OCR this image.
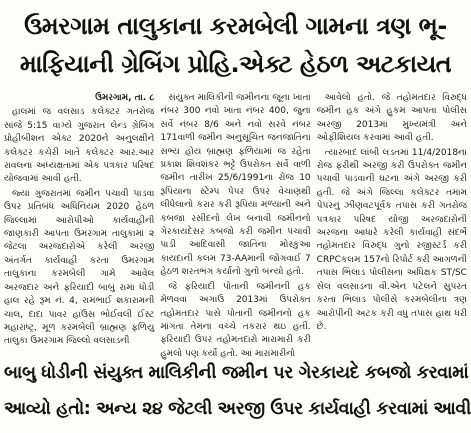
ઉમરગામ તાલુકાના કરમબેલી ગામના ત્રણ ભૂ-
માફિયાની ગ્રેબિંગ પ્રોહિ.એક્ટ હેઠળ અટકાયત
ઉમરગામ, તા. ૮

હાલમાં જ વલસાડ કલેક્ટર ગતરોજ સાંજે 5:15 વાગ્યે ગુજરાત લેન્ડ ગ્રેબિંગ પ્રોહીબીશન એક્ટ 2020ને અનુલક્ષીને કલેક્ટર કચેરી ખાતે કલેક્ટર આર.આર રાવલના અધ્યક્ષતામાં એક પત્રકાર પરિષદ યોજવામાં આવી હતી.

જ્યાં ગુજરાતમાં જમીન પચાવી પાડવા ઉપર પ્રતિબંધ અધિનિયમ 2020 હેઠળ જિલ્લામાં આરોપીઓ કાર્યવાહીની જાણકારી આપતા ઉમરગામ તાલુકામાં ૨ જેટલા અરજદારોએ કરેલી અરજી અંતર્ગત કાર્યવાહી કરતા ઉમરગામ તાલુકાના કરમબેલી ગામે આવેલ અરજદાર અને ફરિયાદી બાબુ રામા ધોડી હાલ રહે રૂમ નં. 4, રામભાઈ શકારામની ચાલ, દાદા પાવર હાઉસ ભોઈવલી ઈસ્ટ મહારાષ્ટ્ર, મૂળ કરમબેલી બ્રાહ્મણ ફળિયુ તાલુકા ઉમરગામ જિલ્લો વલસાડની

સંયુક્ત માલિકીની જમીનના જૂના ખાતા નંબર 300 નવો ખાતા નંબર 400, જુના સર્વે નંબર 8/6 અને નવો સરવે નંબર 171વાળી જમીન અનુસૂચિત જનજાતિના સભ્ય હોય બ્રાહ્મણ ફળિયામાં જ રહેતા પ્રકાશ શિવશંકર ભટ્ટે ઉપરોક્ત સર્વે વાળી જમીન તારીખ 25/6/1991ના રોજ 10 રૂપિયાના સ્ટેમ્પ પેપર ઉપર વેચાણથી લીધેલાનો કરાર કરી રૂપિયા મળ્યાની અને કબજા રસીદનો લેખ બનાવી જમીનનો ગેરકાયદેસર કબજો કરી જમીન પચાવી પાડી આદિવાસી જાતિના મોસ્કુઆ કાયદાની કલમ 73-AAમાની જોગવાઈ 7 હેઠળ શરતભંગ કર્યાનો ગુનો બન્યો હતો.

જે ફરિયાદી પોતાની જમીનની હક મેળવવા અગાઉ 2013માં ઉપરોક્ત તહોમતદાર પાસે પોતાની જમીનનો હક માંગતા તેમના વચ્ચે તકરાર થઇ હતી. ફરિયાદી ઉપર તહોમતદારો મારામારી કરી હુમલો પણ કર્યો હતો. આ મારામારીનો

આવેલો હતો. જે તહોમતદાર વિરુદ્ધ જમીન હક અંગે હુકમ આપતા પોલીસ અરજી 2013માં મુખ્યમંત્રી અને ઓફીશિયલ કરવામાં આવી હતી.

ત્યારબાદ લાંબી લડતમાં 11/4/2018ના રોજ ફરીથી અરજી કરી ઉપરોક્ત જમીન પચાવી પાડવાની ઘટના અંગે અરજી કરી હતી. જે અંગે જિલ્લા કલેક્ટર તમામ પેપરનું ઝીણવટપૂર્વક તપાસ કરી ગતરોજ પત્રકાર પરિષદ યોજી અરજદારોની અરજના આધારે કરેલી કાર્યવાહી સંદર્ભે તહોમતદાર વિરુદ્ધ ગુનો રજીસ્ટર્ડ કરી CRPCકલમ 157નો રિપોર્ટ કરી આગળની તપાસ ભિલાડ પોલીસના અધિક્ષક ST/SC સેલ વલસાડના વી.એન પટેલને સુપરત કરતા ભિલાડ પોલીસે કરમબેલીના ત્રણ આરોપીની અટક કરી વધુ તપાસ હાથ ધરી છે.

બાબુ ધોડીની સંયુક્ત માલિકીની જમીન પર ગેરકાયદે કબજો કરવામાં
આવ્યો હતો: અન્ય ૨૪ જેટલી અરજી ઉપર કાર્યવાહી કરવામાં આવી
